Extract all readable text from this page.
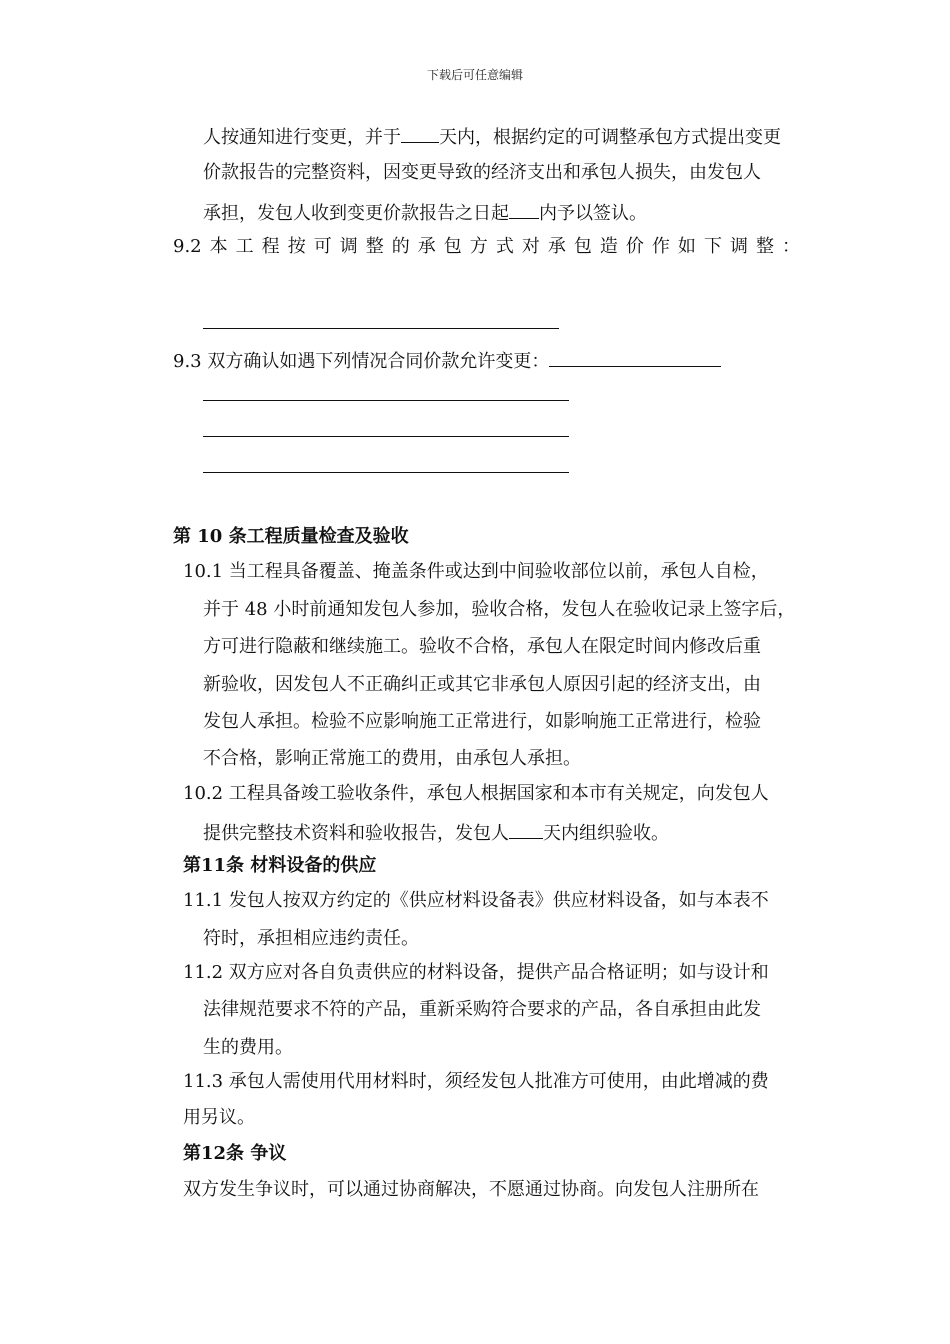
下载后可任意编辑
人按通知进行变更，并于 天内，根据约定的可调整承包方式提出变更
价款报告的完整资料，因变更导致的经济支出和承包人损失，由发包人
承担，发包人收到变更价款报告之日起 内予以签认。
9.2 本工程按可调整的承包方式对承包造价作如下调整：
9.3 双方确认如遇下列情况合同价款允许变更：
第 10 条工程质量检查及验收
10.1 当工程具备覆盖、掩盖条件或达到中间验收部位以前，承包人自检，
并于 48 小时前通知发包人参加，验收合格，发包人在验收记录上签字后，
方可进行隐蔽和继续施工。验收不合格，承包人在限定时间内修改后重
新验收，因发包人不正确纠正或其它非承包人原因引起的经济支出，由
发包人承担。检验不应影响施工正常进行，如影响施工正常进行，检验
不合格，影响正常施工的费用，由承包人承担。
10.2 工程具备竣工验收条件，承包人根据国家和本市有关规定，向发包人
提供完整技术资料和验收报告，发包人 天内组织验收。
第11条 材料设备的供应
11.1 发包人按双方约定的《供应材料设备表》供应材料设备，如与本表不
符时，承担相应违约责任。
11.2 双方应对各自负责供应的材料设备，提供产品合格证明；如与设计和
法律规范要求不符的产品，重新采购符合要求的产品，各自承担由此发
生的费用。
11.3 承包人需使用代用材料时，须经发包人批准方可使用，由此增减的费
用另议。
第12条 争议
双方发生争议时，可以通过协商解决，不愿通过协商。向发包人注册所在
